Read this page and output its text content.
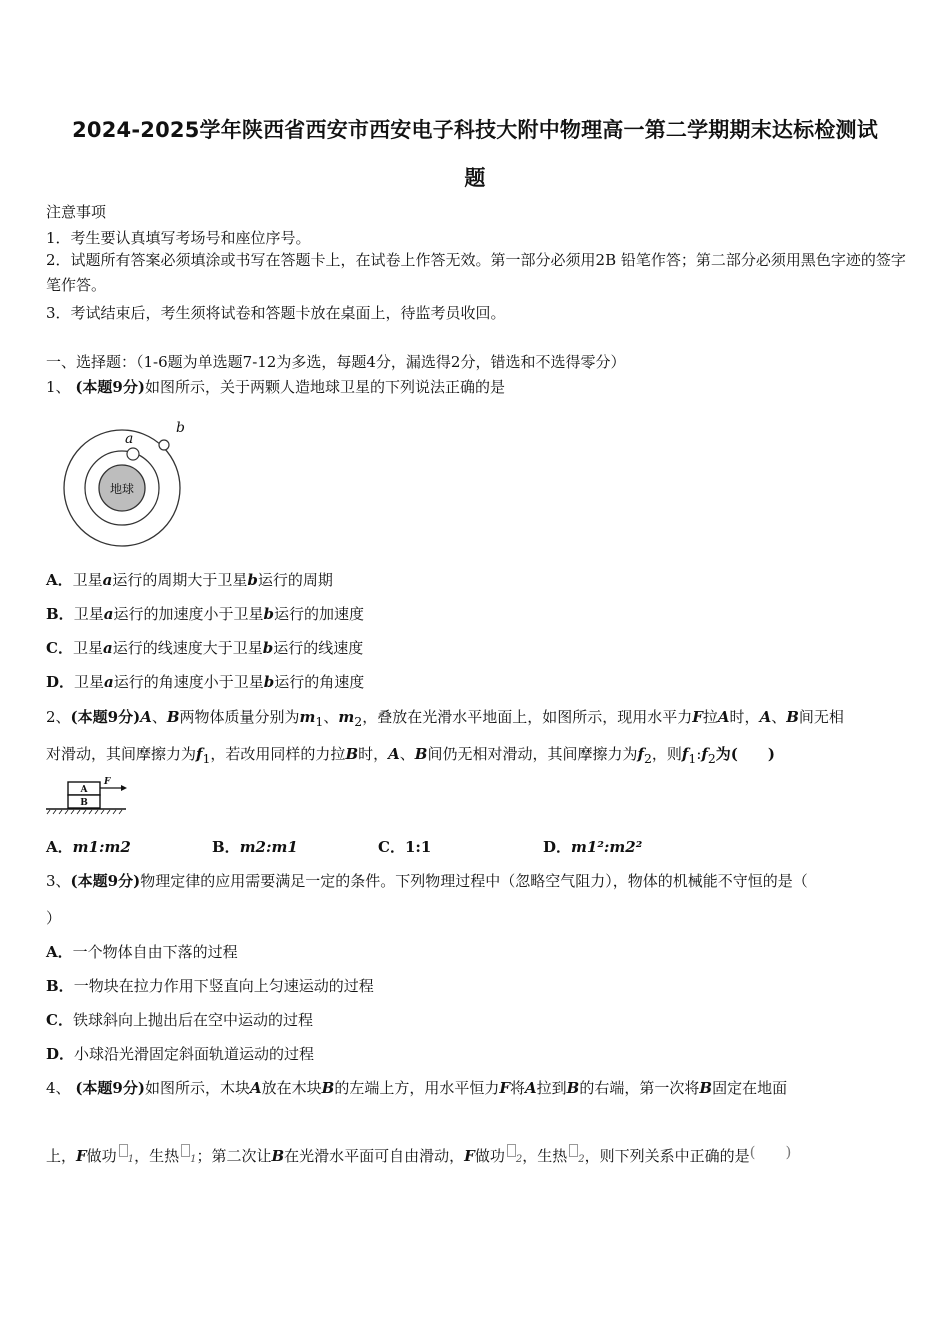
2024-2025学年陕西省西安市西安电子科技大附中物理高一第二学期期末达标检测试
题
注意事项
1．考生要认真填写考场号和座位序号。
2．试题所有答案必须填涂或书写在答题卡上，在试卷上作答无效。第一部分必须用2B 铅笔作答；第二部分必须用黑色字迹的签字笔作答。
3．考试结束后，考生须将试卷和答题卡放在桌面上，待监考员收回。
一、选择题：（1-6题为单选题7-12为多选，每题4分，漏选得2分，错选和不选得零分）
1、 (本题9分)如图所示，关于两颗人造地球卫星的下列说法正确的是
地球
a
b
A．卫星a运行的周期大于卫星b运行的周期
B．卫星a运行的加速度小于卫星b运行的加速度
C．卫星a运行的线速度大于卫星b运行的线速度
D．卫星a运行的角速度小于卫星b运行的角速度
2、(本题9分)A、B两物体质量分别为$m_1$、$m_2$，叠放在光滑水平地面上，如图所示，现用水平力F拉A时，A、B间无相
对滑动，其间摩擦力为$f_1$，若改用同样的力拉B时，A、B间仍无相对滑动，其间摩擦力为$f_2$，则$f_1:f_2$为(　　)
A
B
F
A．m1:m2	B．m2:m1	C．1:1	D．m1²:m2²
3、(本题9分)物理定律的应用需要满足一定的条件。下列物理过程中（忽略空气阻力），物体的机械能不守恒的是（
）
A．一个物体自由下落的过程
B．一物块在拉力作用下竖直向上匀速运动的过程
C．铁球斜向上抛出后在空中运动的过程
D．小球沿光滑固定斜面轨道运动的过程
4、 (本题9分)如图所示，木块A放在木块B的左端上方，用水平恒力F将A拉到B的右端，第一次将B固定在地面
上，F做功 1，生热 1；第二次让B在光滑水平面可自由滑动，F做功 2，生热 2，则下列关系中正确的是(　　)
